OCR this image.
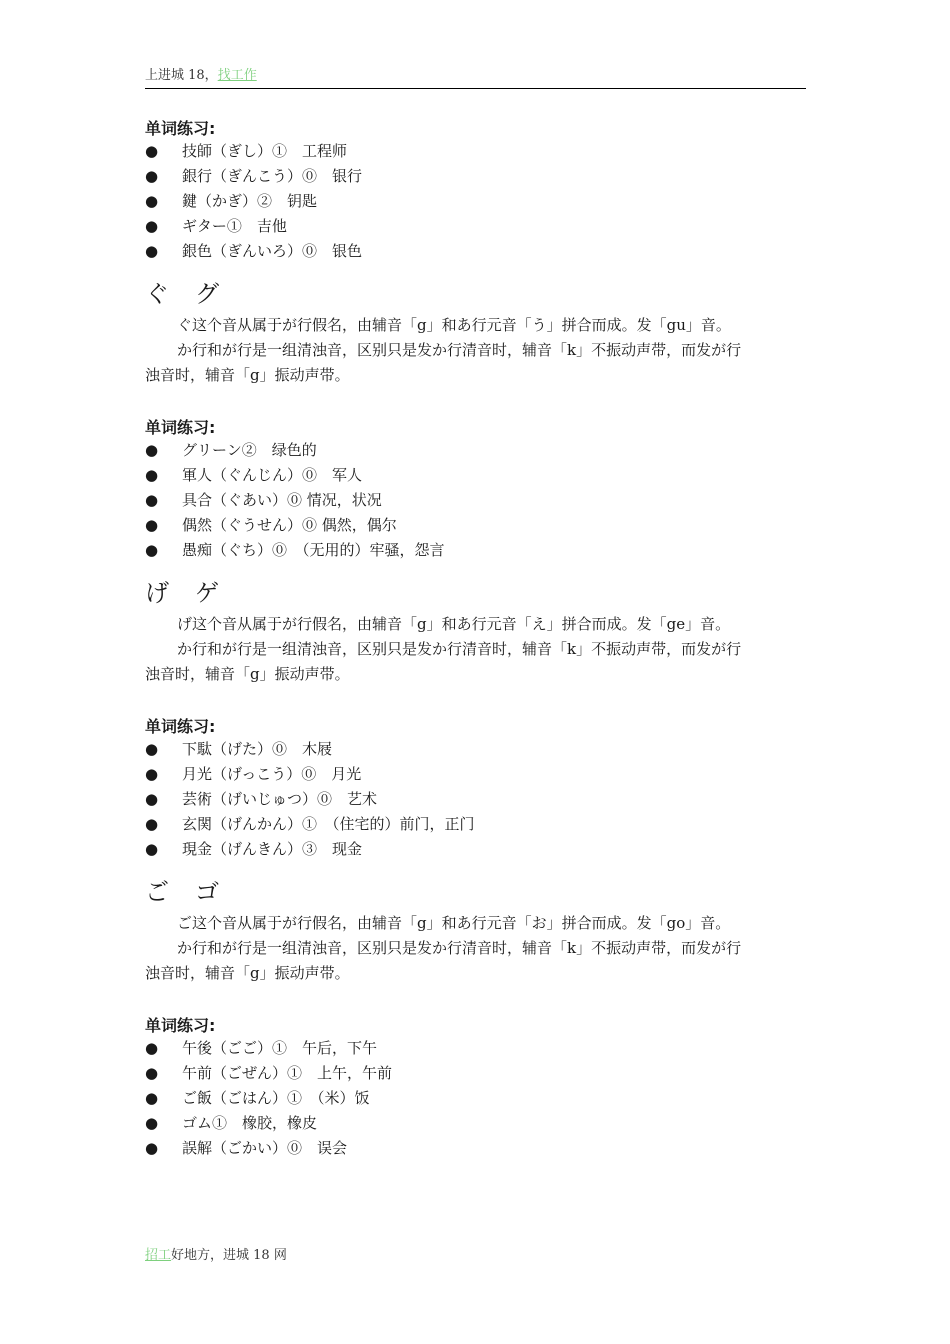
上进城 18，找工作
单词练习:
● 技師（ぎし）①　工程师
● 銀行（ぎんこう）⓪　银行
● 鍵（かぎ）②　钥匙
● ギター①　吉他
● 銀色（ぎんいろ）⓪　银色
ぐ グ

ぐ这个音从属于が行假名，由辅音「g」和あ行元音「う」拼合而成。发「gu」音。

か行和が行是一组清浊音，区别只是发か行清音时，辅音「k」不振动声带，而发が行

浊音时，辅音「g」振动声带。

单词练习:
● グリーン②　绿色的
● 軍人（ぐんじん）⓪　军人
● 具合（ぐあい）⓪ 情况，状况
● 偶然（ぐうせん）⓪ 偶然，偶尔
● 愚痴（ぐち）⓪　（无用的）牢骚，怨言
げ ゲ

げ这个音从属于が行假名，由辅音「g」和あ行元音「え」拼合而成。发「ge」音。

か行和が行是一组清浊音，区别只是发か行清音时，辅音「k」不振动声带，而发が行

浊音时，辅音「g」振动声带。

单词练习:
● 下駄（げた）⓪　木屐
● 月光（げっこう）⓪　月光
● 芸術（げいじゅつ）⓪　艺术
● 玄関（げんかん）①　（住宅的）前门，正门
● 現金（げんきん）③　现金
ご ゴ

ご这个音从属于が行假名，由辅音「g」和あ行元音「お」拼合而成。发「go」音。

か行和が行是一组清浊音，区别只是发か行清音时，辅音「k」不振动声带，而发が行

浊音时，辅音「g」振动声带。

单词练习:
● 午後（ごご）①　午后，下午
● 午前（ごぜん）①　上午，午前
● ご飯（ごはん）①　（米）饭
● ゴム①　橡胶，橡皮
● 誤解（ごかい）⓪　误会
招工好地方，进城 18 网
